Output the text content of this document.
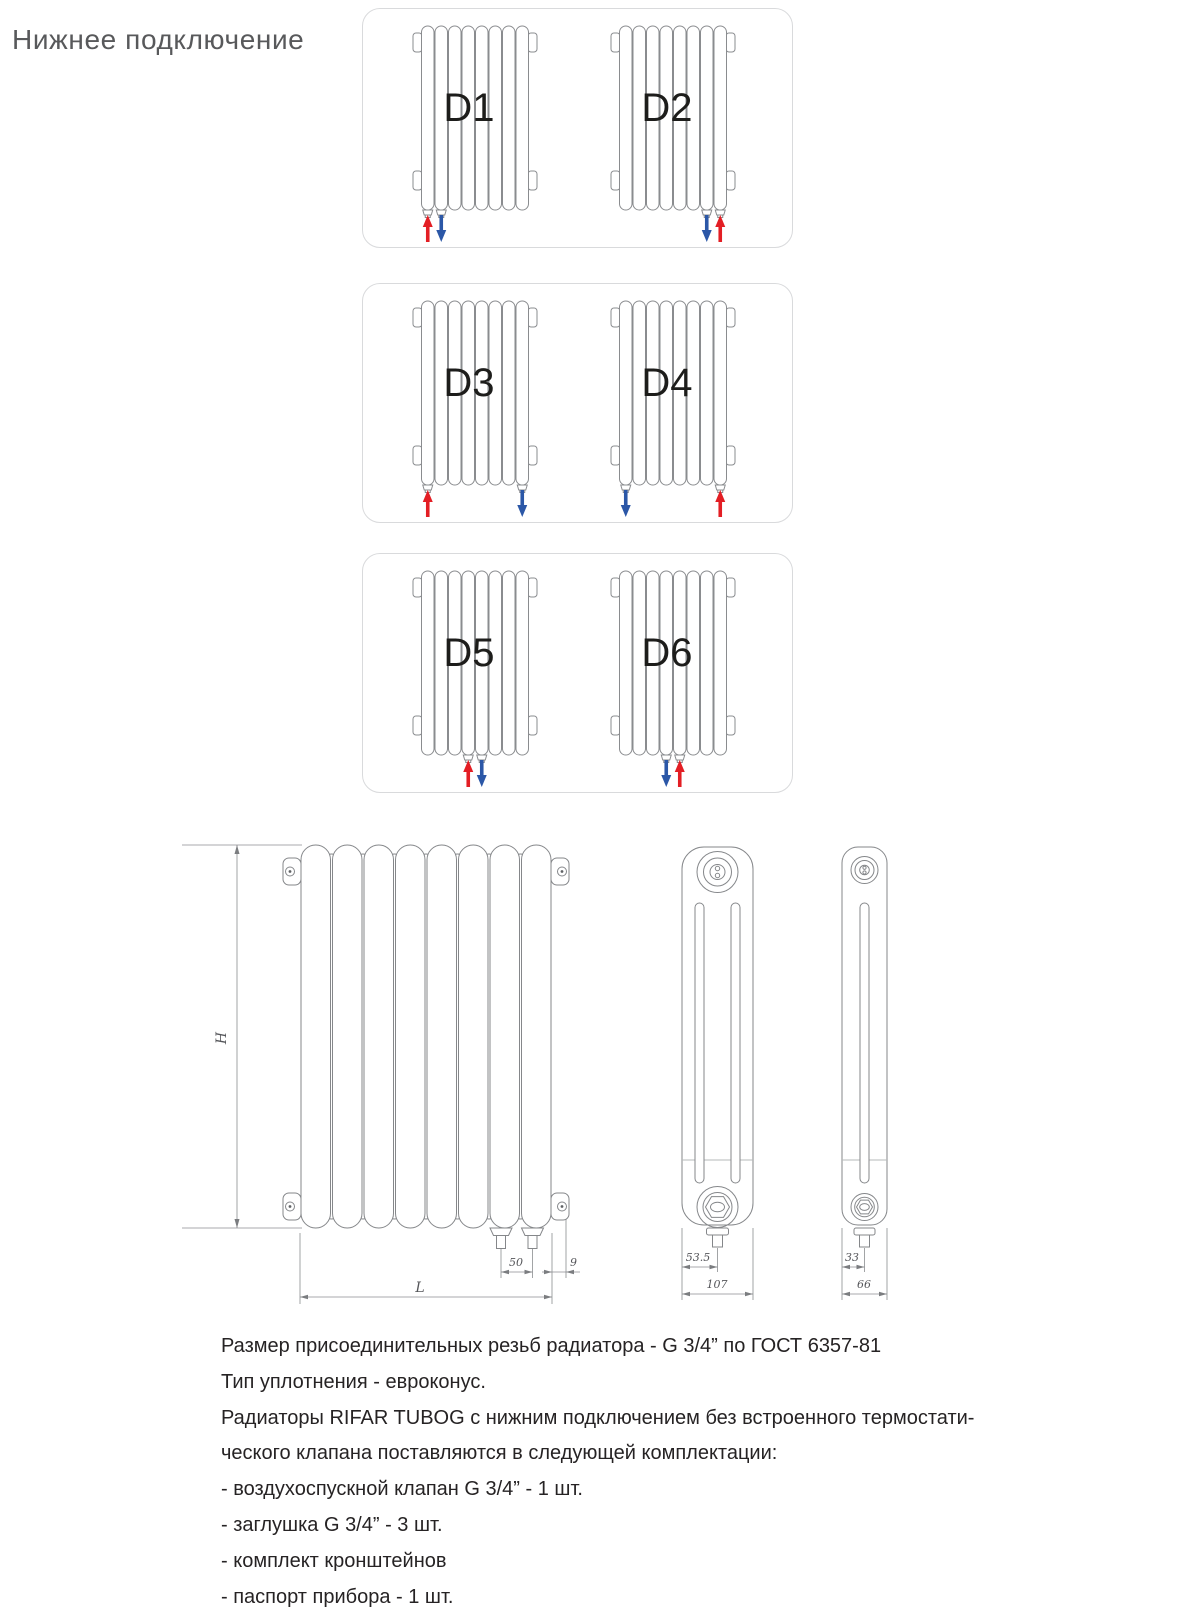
Нижнее подключение
D1	D2
D3	D4
D5	D6
H
L
50	9	53.5
107
33
66
Размер присоединительных резьб радиатора - G 3/4” по ГОСТ 6357-81
Тип уплотнения - евроконус.
Радиаторы RIFAR TUBOG с нижним подключением без встроенного термостати-
ческого клапана поставляются в следующей комплектации:
- воздухоспускной клапан G 3/4” - 1 шт.
- заглушка G 3/4” - 3 шт.
- комплект кронштейнов
- паспорт прибора - 1 шт.
